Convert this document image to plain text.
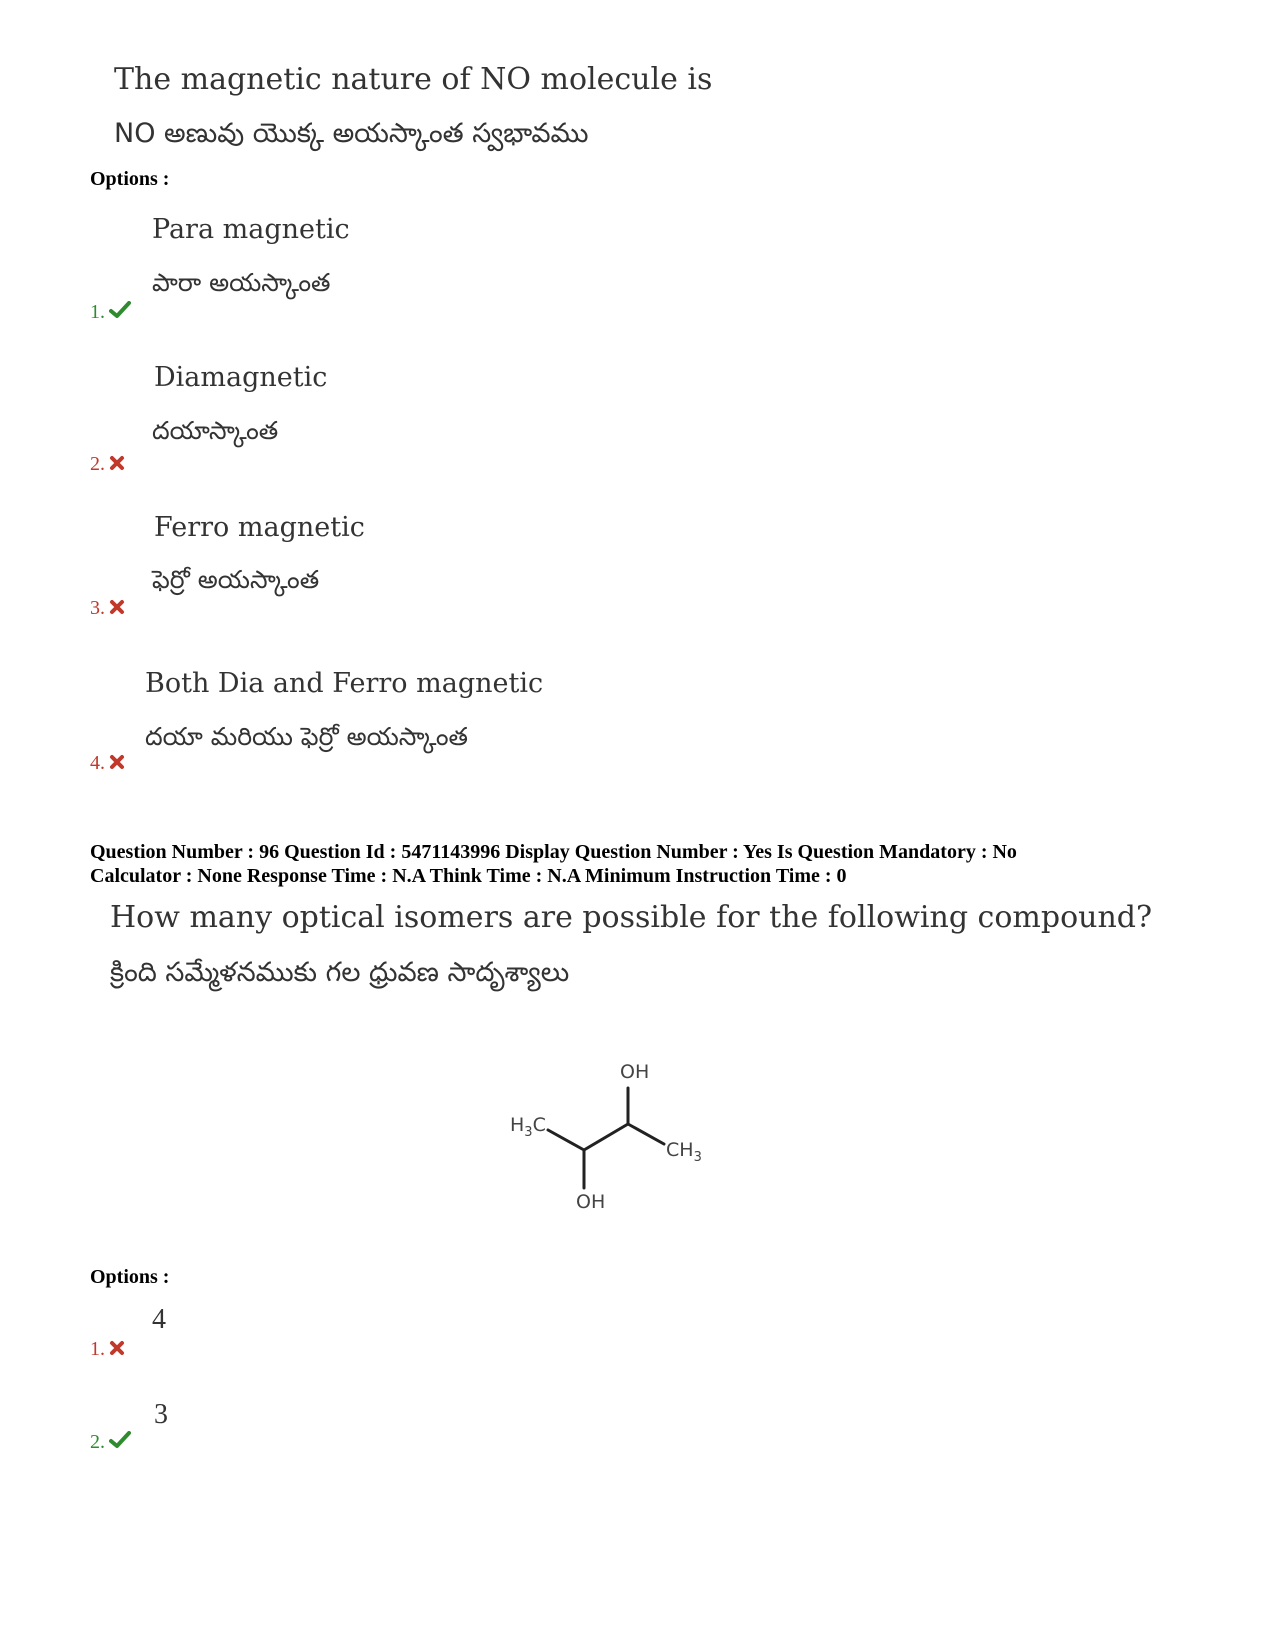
The magnetic nature of NO molecule is
NO అణువు యొక్క అయస్కాంత స్వభావము
Options :
Para magnetic
పారా అయస్కాంత
1.
Diamagnetic
దయాస్కాంత
2.
Ferro magnetic
ఫెర్రో అయస్కాంత
3.
Both Dia and Ferro magnetic
దయా మరియు ఫెర్రో అయస్కాంత
4.
Question Number : 96 Question Id : 5471143996 Display Question Number : Yes Is Question Mandatory : No
Calculator : None Response Time : N.A Think Time : N.A Minimum Instruction Time : 0
How many optical isomers are possible for the following compound?
క్రింది సమ్మేళనముకు గల ధ్రువణ సాదృశ్యాలు
OH
OH
$H_3C$
$CH_3$
Options :
4
1.
3
2.
